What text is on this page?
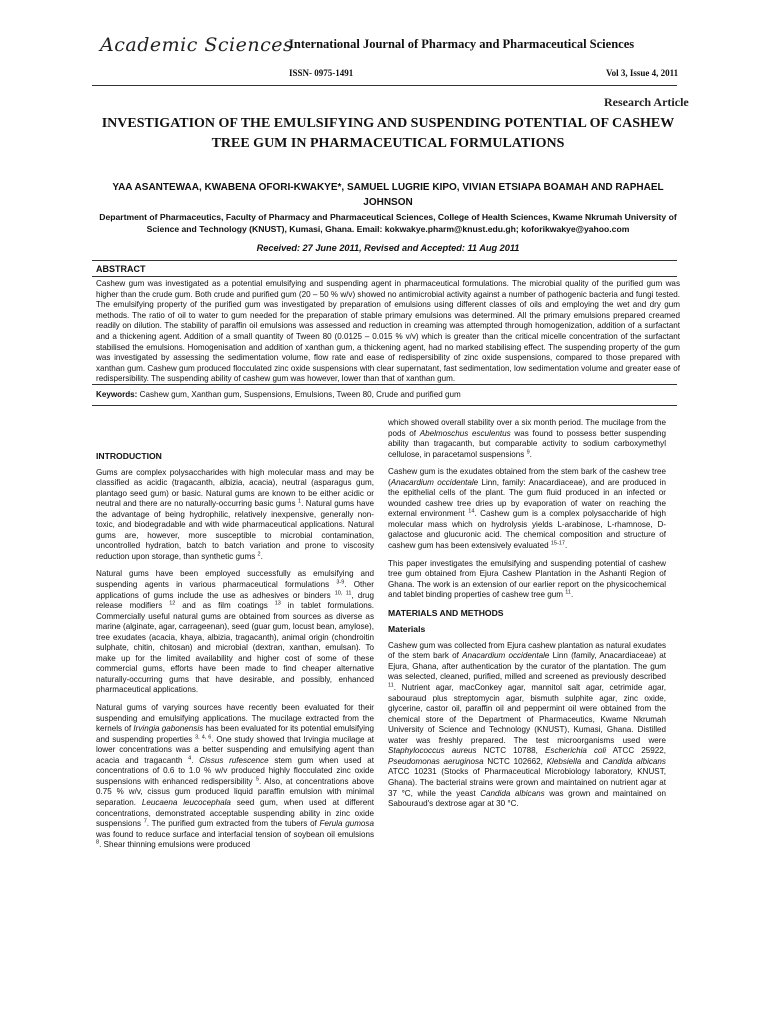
Academic Sciences
International Journal of Pharmacy and Pharmaceutical Sciences
ISSN- 0975-1491	Vol 3, Issue 4, 2011
Research Article
INVESTIGATION OF THE EMULSIFYING AND SUSPENDING POTENTIAL OF CASHEW TREE GUM IN PHARMACEUTICAL FORMULATIONS
YAA ASANTEWAA, KWABENA OFORI-KWAKYE*, SAMUEL LUGRIE KIPO, VIVIAN ETSIAPA BOAMAH AND RAPHAEL JOHNSON
Department of Pharmaceutics, Faculty of Pharmacy and Pharmaceutical Sciences, College of Health Sciences, Kwame Nkrumah University of Science and Technology (KNUST), Kumasi, Ghana. Email: kokwakye.pharm@knust.edu.gh; koforikwakye@yahoo.com
Received: 27 June 2011, Revised and Accepted: 11 Aug 2011
ABSTRACT
Cashew gum was investigated as a potential emulsifying and suspending agent in pharmaceutical formulations. The microbial quality of the purified gum was higher than the crude gum. Both crude and purified gum (20 – 50 % w/v) showed no antimicrobial activity against a number of pathogenic bacteria and fungi tested. The emulsifying property of the purified gum was investigated by preparation of emulsions using different classes of oils and employing the wet and dry gum methods. The ratio of oil to water to gum needed for the preparation of stable primary emulsions was determined. All the primary emulsions prepared creamed readily on dilution. The stability of paraffin oil emulsions was assessed and reduction in creaming was attempted through homogenization, addition of a surfactant and a thickening agent. Addition of a small quantity of Tween 80 (0.0125 – 0.015 % v/v) which is greater than the critical micelle concentration of the surfactant stabilised the emulsions. Homogenisation and addition of xanthan gum, a thickening agent, had no marked stabilising effect. The suspending property of the gum was investigated by assessing the sedimentation volume, flow rate and ease of redispersibility of zinc oxide suspensions, compared to those prepared with xanthan gum. Cashew gum produced flocculated zinc oxide suspensions with clear supernatant, fast sedimentation, low sedimentation volume and greater ease of redispersibility. The suspending ability of cashew gum was however, lower than that of xanthan gum.
Keywords: Cashew gum, Xanthan gum, Suspensions, Emulsions, Tween 80, Crude and purified gum
INTRODUCTION

Gums are complex polysaccharides with high molecular mass and may be classified as acidic (tragacanth, albizia, acacia), neutral (asparagus gum, plantago seed gum) or basic. Natural gums are known to be either acidic or neutral and there are no naturally-occurring basic gums $^1$. Natural gums have the advantage of being hydrophilic, relatively inexpensive, generally non-toxic, and biodegradable and with wide pharmaceutical applications. Natural gums are, however, more susceptible to microbial contamination, uncontrolled hydration, batch to batch variation and prone to viscosity reduction upon storage, than synthetic gums $^2$.

Natural gums have been employed successfully as emulsifying and suspending agents in various pharmaceutical formulations $^{3-9}$. Other applications of gums include the use as adhesives or binders $^{10, 11}$, drug release modifiers $^{12}$ and as film coatings $^{13}$ in tablet formulations. Commercially useful natural gums are obtained from sources as diverse as marine (alginate, agar, carrageenan), seed (guar gum, locust bean, amylose), tree exudates (acacia, khaya, albizia, tragacanth), animal origin (chondroitin sulphate, chitin, chitosan) and microbial (dextran, xanthan, emulsan). To make up for the limited availability and higher cost of some of these commercial gums, efforts have been made to find cheaper alternative naturally-occurring gums that have desirable, and possibly, enhanced pharmaceutical applications.

Natural gums of varying sources have recently been evaluated for their suspending and emulsifying applications. The mucilage extracted from the kernels of Irvingia gabonensis has been evaluated for its potential emulsifying and suspending properties $^{3, 4, 6}$. One study showed that Irvingia mucilage at lower concentrations was a better suspending and emulsifying agent than acacia and tragacanth $^4$. Cissus rufescence stem gum when used at concentrations of 0.6 to 1.0 % w/v produced highly flocculated zinc oxide suspensions with enhanced redispersibility $^5$. Also, at concentrations above 0.75 % w/v, cissus gum produced liquid paraffin emulsion with minimal separation. Leucaena leucocephala seed gum, when used at different concentrations, demonstrated acceptable suspending ability in zinc oxide suspensions $^7$. The purified gum extracted from the tubers of Ferula gumosa was found to reduce surface and interfacial tension of soybean oil emulsions $^8$. Shear thinning emulsions were produced

which showed overall stability over a six month period. The mucilage from the pods of Abelmoschus esculentus was found to possess better suspending ability than tragacanth, but comparable activity to sodium carboxymethyl cellulose, in paracetamol suspensions $^9$.

Cashew gum is the exudates obtained from the stem bark of the cashew tree (Anacardium occidentale Linn, family: Anacardiaceae), and are produced in the epithelial cells of the plant. The gum fluid produced in an infected or wounded cashew tree dries up by evaporation of water on reaching the external environment $^{14}$. Cashew gum is a complex polysaccharide of high molecular mass which on hydrolysis yields L-arabinose, L-rhamnose, D-galactose and glucuronic acid. The chemical composition and structure of cashew gum has been extensively evaluated $^{15-17}$.

This paper investigates the emulsifying and suspending potential of cashew tree gum obtained from Ejura Cashew Plantation in the Ashanti Region of Ghana. The work is an extension of our earlier report on the physicochemical and tablet binding properties of cashew tree gum $^{11}$.

MATERIALS AND METHODS
Materials

Cashew gum was collected from Ejura cashew plantation as natural exudates of the stem bark of Anacardium occidentale Linn (family, Anacardiaceae) at Ejura, Ghana, after authentication by the curator of the plantation. The gum was selected, cleaned, purified, milled and screened as previously described $^{11}$. Nutrient agar, macConkey agar, mannitol salt agar, cetrimide agar, sabouraud plus streptomycin agar, bismuth sulphite agar, zinc oxide, glycerine, castor oil, paraffin oil and peppermint oil were obtained from the chemical store of the Department of Pharmaceutics, Kwame Nkrumah University of Science and Technology (KNUST), Kumasi, Ghana. Distilled water was freshly prepared. The test microorganisms used were Staphylococcus aureus NCTC 10788, Escherichia coli ATCC 25922, Pseudomonas aeruginosa NCTC 102662, Klebsiella and Candida albicans ATCC 10231 (Stocks of Pharmaceutical Microbiology laboratory, KNUST, Ghana). The bacterial strains were grown and maintained on nutrient agar at 37 °C, while the yeast Candida albicans was grown and maintained on Sabouraud's dextrose agar at 30 °C.
